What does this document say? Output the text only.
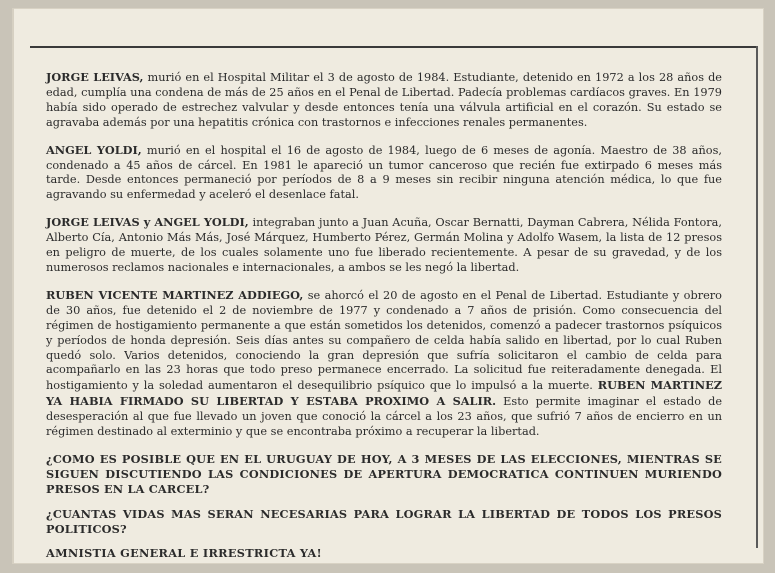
JORGE LEIVAS, murió en el Hospital Militar el 3 de agosto de 1984. Estudiante, detenido en 1972 a los 28 años de edad, cumplía una condena de más de 25 años en el Penal de Libertad. Padecía problemas cardíacos graves. En 1979 había sido operado de estrechez valvular y desde entonces tenía una válvula artificial en el corazón. Su estado se agravaba además por una hepatitis crónica con trastornos e infecciones renales permanentes.

ANGEL YOLDI, murió en el hospital el 16 de agosto de 1984, luego de 6 meses de agonía. Maestro de 38 años, condenado a 45 años de cárcel. En 1981 le apareció un tumor canceroso que recién fue extirpado 6 meses más tarde. Desde entonces permaneció por períodos de 8 a 9 meses sin recibir ninguna atención médica, lo que fue agravando su enfermedad y aceleró el desenlace fatal.

JORGE LEIVAS y ANGEL YOLDI, integraban junto a Juan Acuña, Oscar Bernatti, Dayman Cabrera, Nélida Fontora, Alberto Cía, Antonio Más Más, José Márquez, Humberto Pérez, Germán Molina y Adolfo Wasem, la lista de 12 presos en peligro de muerte, de los cuales solamente uno fue liberado recientemente. A pesar de su gravedad, y de los numerosos reclamos nacionales e internacionales, a ambos se les negó la libertad.

RUBEN VICENTE MARTINEZ ADDIEGO, se ahorcó el 20 de agosto en el Penal de Libertad. Estudiante y obrero de 30 años, fue detenido el 2 de noviembre de 1977 y condenado a 7 años de prisión. Como consecuencia del régimen de hostigamiento permanente a que están sometidos los detenidos, comenzó a padecer trastornos psíquicos y períodos de honda depresión. Seis días antes su compañero de celda había salido en libertad, por lo cual Ruben quedó solo. Varios detenidos, conociendo la gran depresión que sufría solicitaron el cambio de celda para acompañarlo en las 23 horas que todo preso permanece encerrado. La solicitud fue reiteradamente denegada. El hostigamiento y la soledad aumentaron el desequilibrio psíquico que lo impulsó a la muerte. RUBEN MARTINEZ YA HABIA FIRMADO SU LIBERTAD Y ESTABA PROXIMO A SALIR. Esto permite imaginar el estado de desesperación al que fue llevado un joven que conoció la cárcel a los 23 años, que sufrió 7 años de encierro en un régimen destinado al exterminio y que se encontraba próximo a recuperar la libertad.

¿COMO ES POSIBLE QUE EN EL URUGUAY DE HOY, A 3 MESES DE LAS ELECCIONES, MIENTRAS SE SIGUEN DISCUTIENDO LAS CONDICIONES DE APERTURA DEMOCRATICA CONTINUEN MURIENDO PRESOS EN LA CARCEL?

¿CUANTAS VIDAS MAS SERAN NECESARIAS PARA LOGRAR LA LIBERTAD DE TODOS LOS PRESOS POLITICOS?

AMNISTIA GENERAL E IRRESTRICTA YA!
